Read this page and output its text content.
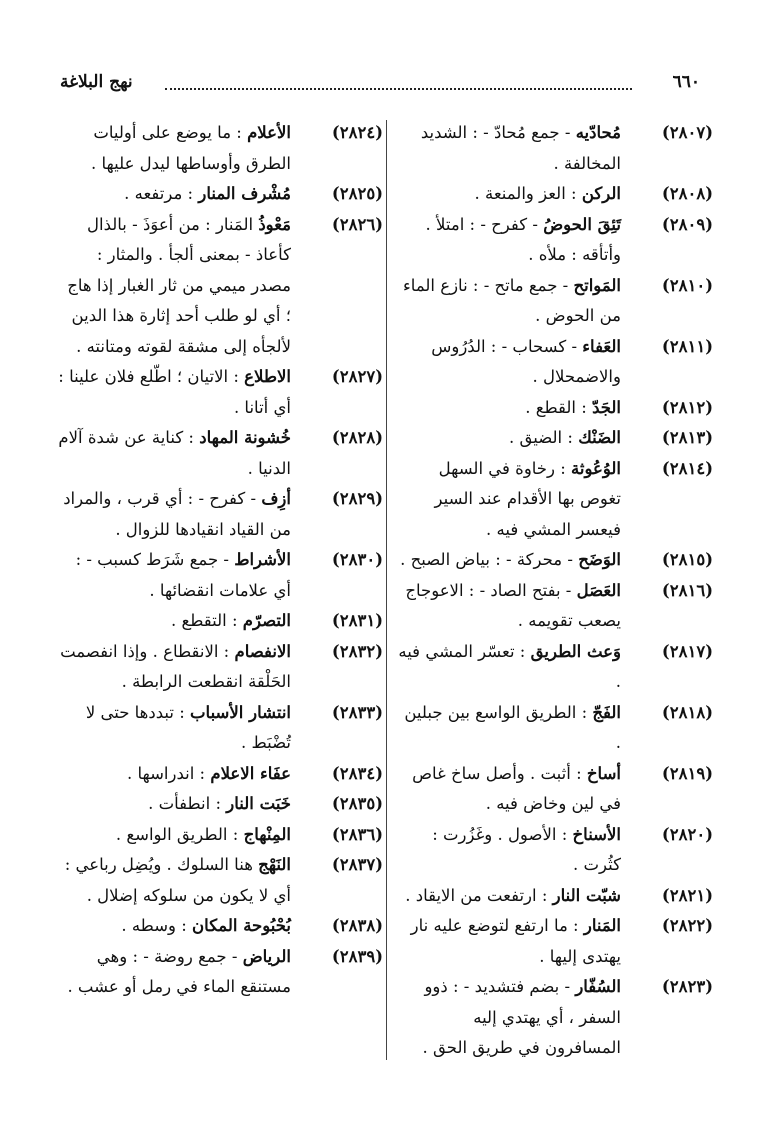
نهج البلاغة	٦٦٠

(٢٨٠٧)
مُحادّيه - جمع مُحادّ - : الشديد المخالفة .

(٢٨٠٨)
الركن : العز والمنعة .

(٢٨٠٩)
تَئِقَ الحوضُ - كفرح - : امتلأ . وأتأقه : ملأه .

(٢٨١٠)
المَواتح - جمع ماتح - : نازع الماء من الحوض .

(٢٨١١)
العَفاء - كسحاب - : الدُرُوس والاضمحلال .

(٢٨١٢)
الجَدّ : القطع .

(٢٨١٣)
الضَنْك : الضيق .

(٢٨١٤)
الوُعُوثة : رخاوة في السهل تغوص بها الأقدام عند السير فيعسر المشي فيه .

(٢٨١٥)
الوَضَح - محركة - : بياض الصبح .

(٢٨١٦)
العَصَل - بفتح الصاد - : الاعوجاج يصعب تقويمه .

(٢٨١٧)
وَعث الطريق : تعسّر المشي فيه .

(٢٨١٨)
الفَجّ : الطريق الواسع بين جبلين .

(٢٨١٩)
أساخ : أثبت . وأصل ساخ غاص في لين وخاض فيه .

(٢٨٢٠)
الأسناخ : الأصول . وغَزُرت : كثُرت .

(٢٨٢١)
شبّت النار : ارتفعت من الايقاد .

(٢٨٢٢)
المَنار : ما ارتفع لتوضع عليه نار يهتدى إليها .

(٢٨٢٣)
السُفّار - بضم فتشديد - : ذوو السفر ، أي يهتدي إليه المسافرون في طريق الحق .

(٢٨٢٤)
الأعلام : ما يوضع على أوليات الطرق وأوساطها ليدل عليها .

(٢٨٢٥)
مُشْرف المنار : مرتفعه .

(٢٨٢٦)
مَعْوذُ المَنار : من أعوَذَ - بالذال كأعاذ - بمعنى ألجأ . والمثار : مصدر ميمي من ثار الغبار إذا هاج ؛ أي لو طلب أحد إثارة هذا الدين لألجأه إلى مشقة لقوته ومتانته .

(٢٨٢٧)
الاطلاع : الاتيان ؛ اطّلع فلان علينا : أي أتانا .

(٢٨٢٨)
خُشونة المهاد : كناية عن شدة آلام الدنيا .

(٢٨٢٩)
أزِف - كفرح - : أي قرب ، والمراد من القياد انقيادها للزوال .

(٢٨٣٠)
الأشراط - جمع شَرَط كسبب - : أي علامات انقضائها .

(٢٨٣١)
التصرّم : التقطع .

(٢٨٣٢)
الانفصام : الانقطاع . وإذا انفصمت الحَلْقة انقطعت الرابطة .

(٢٨٣٣)
انتشار الأسباب : تبددها حتى لا تُضْبَط .

(٢٨٣٤)
عفَاء الاعلام : اندراسها .

(٢٨٣٥)
خَبَت النار : انطفأت .

(٢٨٣٦)
المِنْهاج : الطريق الواسع .

(٢٨٣٧)
النَهْج هنا السلوك . ويُضِل رباعي : أي لا يكون من سلوكه إضلال .

(٢٨٣٨)
بُحْبُوحة المكان : وسطه .

(٢٨٣٩)
الرياض - جمع روضة - : وهي مستنقع الماء في رمل أو عشب .
